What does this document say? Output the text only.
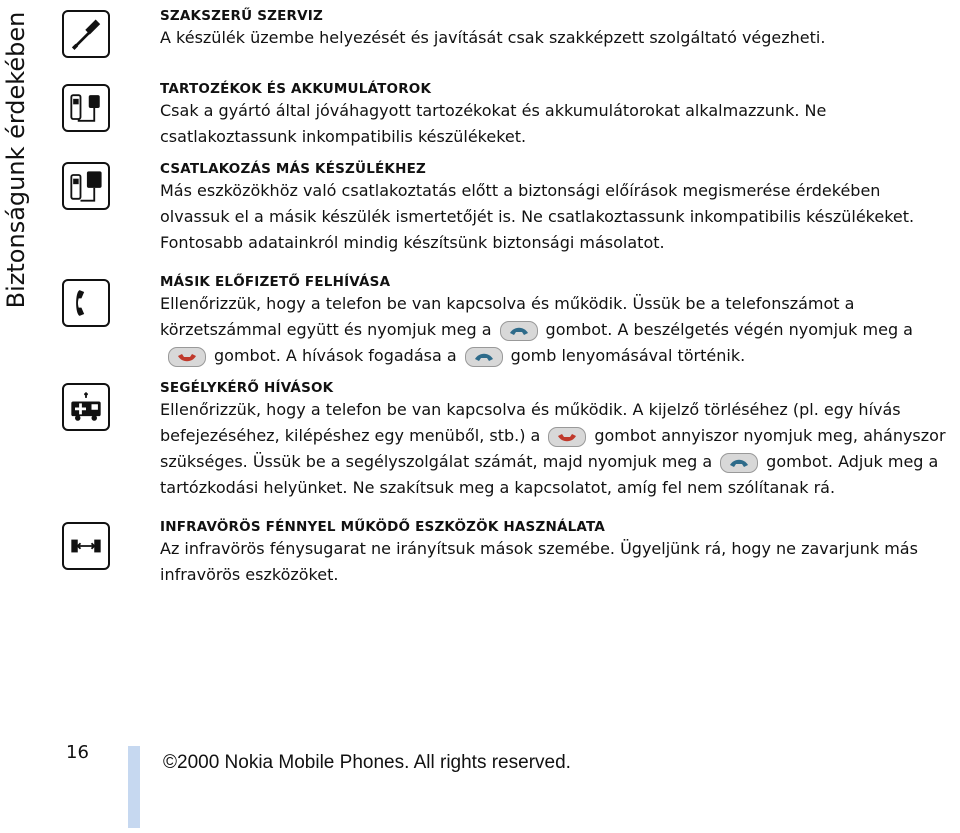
Biztonságunk érdekében	SZAKSZERŰ SZERVIZ

A készülék üzembe helyezését és javítását csak szakképzett szolgáltató végezheti.

TARTOZÉKOK ÉS AKKUMULÁTOROK

Csak a gyártó által jóváhagyott tartozékokat és akkumulátorokat alkalmazzunk. Ne csatlakoztassunk inkompatibilis készülékeket.

CSATLAKOZÁS MÁS KÉSZÜLÉKHEZ

Más eszközökhöz való csatlakoztatás előtt a biztonsági előírások megismerése érdekében olvassuk el a másik készülék ismertetőjét is. Ne csatlakoztassunk inkompatibilis készülékeket. Fontosabb adatainkról mindig készítsünk biztonsági másolatot.

MÁSIK ELŐFIZETŐ FELHÍVÁSA

Ellenőrizzük, hogy a telefon be van kapcsolva és működik. Üssük be a telefonszámot a körzetszámmal együtt és nyomjuk meg a	gombot. A beszélgetés végén nyomjuk meg a
gombot. A hívások fogadása a	gomb lenyomásával történik.

SEGÉLYKÉRŐ HÍVÁSOK

Ellenőrizzük, hogy a telefon be van kapcsolva és működik. A kijelző törléséhez (pl. egy hívás befejezéséhez, kilépéshez egy menüből, stb.) a	gombot annyiszor nyomjuk meg, ahányszor szükséges. Üssük be a segélyszolgálat számát, majd nyomjuk meg a	gombot. Adjuk meg a tartózkodási helyünket. Ne szakítsuk meg a kapcsolatot, amíg fel nem szólítanak rá.

INFRAVÖRÖS FÉNNYEL MŰKÖDŐ ESZKÖZÖK HASZNÁLATA

Az infravörös fénysugarat ne irányítsuk mások szemébe. Ügyeljünk rá, hogy ne zavarjunk más infravörös eszközöket.

16	©2000 Nokia Mobile Phones. All rights reserved.
